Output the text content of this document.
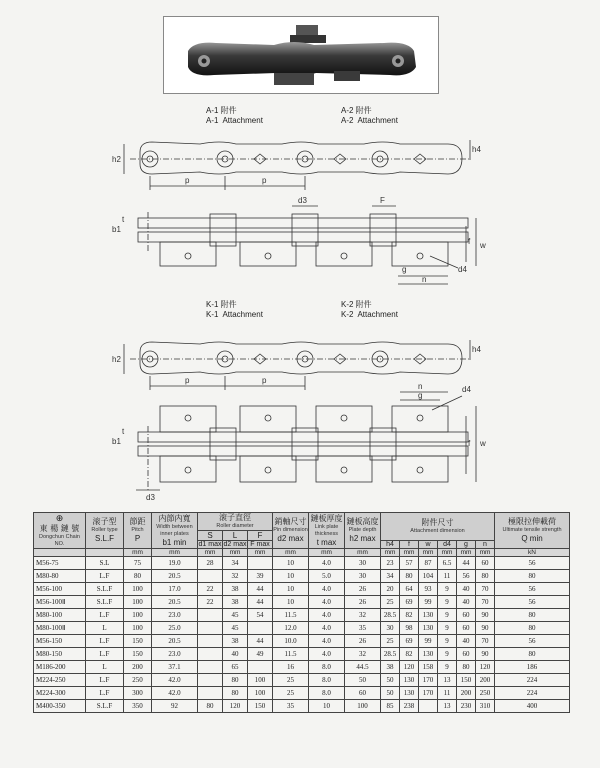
A-1 附件
A-1  Attachment
A-2 附件
A-2  Attachment
K-1 附件
K-1  Attachment
K-2 附件
K-2  Attachment
h2
h4
p	p
d3	F
b1
t
f w
d4
g
n
h2
h4
p	p
n
g
d4
b1
t
f w
d3
⊕
東 楊 鏈 號
Dongchun Chain NO.	滚子型
Roller type
S.L.F	節距
Pitch
P	内節内寬
Width between inner plates
b1 min	滚子直徑
Roller diameter			銷軸尺寸
Pin dimension
d2 max	鏈板厚度
Link plate thickness
t max	鏈板高度
Plate depth
h2 max	附件尺寸
Attachment dimension						極限拉伸載荷
Ultimate tensile strength
Q min

				S	L	F										
				d1 max	d2 max	F max				h4	f	w	d4	g	n	
		mm	mm	mm	mm	mm	mm	mm	mm	mm	mm	mm	mm	mm	mm	kN
M56-75	S.L	75	19.0	28	34		10	4.0	30	23	57	87	6.5	44	60	56
M80-80	L.F	80	20.5		32	39	10	5.0	30	34	80	104	11	56	80	80
M56-100	S.L.F	100	17.0	22	38	44	10	4.0	26	20	64	93	9	40	70	56
M56-100Ⅱ	S.L.F	100	20.5	22	38	44	10	4.0	26	25	69	99	9	40	70	56
M80-100	L.F	100	23.0		45	54	11.5	4.0	32	28.5	82	130	9	60	90	80
M80-100Ⅱ	L	100	25.0		45		12.0	4.0	35	30	98	130	9	60	90	80
M56-150	L.F	150	20.5		38	44	10.0	4.0	26	25	69	99	9	40	70	56
M80-150	L.F	150	23.0		40	49	11.5	4.0	32	28.5	82	130	9	60	90	80
M186-200	L	200	37.1		65		16	8.0	44.5	38	120	158	9	80	120	186
M224-250	L.F	250	42.0		80	100	25	8.0	50	50	130	170	13	150	200	224
M224-300	L.F	300	42.0		80	100	25	8.0	60	50	130	170	11	200	250	224
M400-350	S.L.F	350	92	80	120	150	35	10	100	85	238		13	230	310	400
